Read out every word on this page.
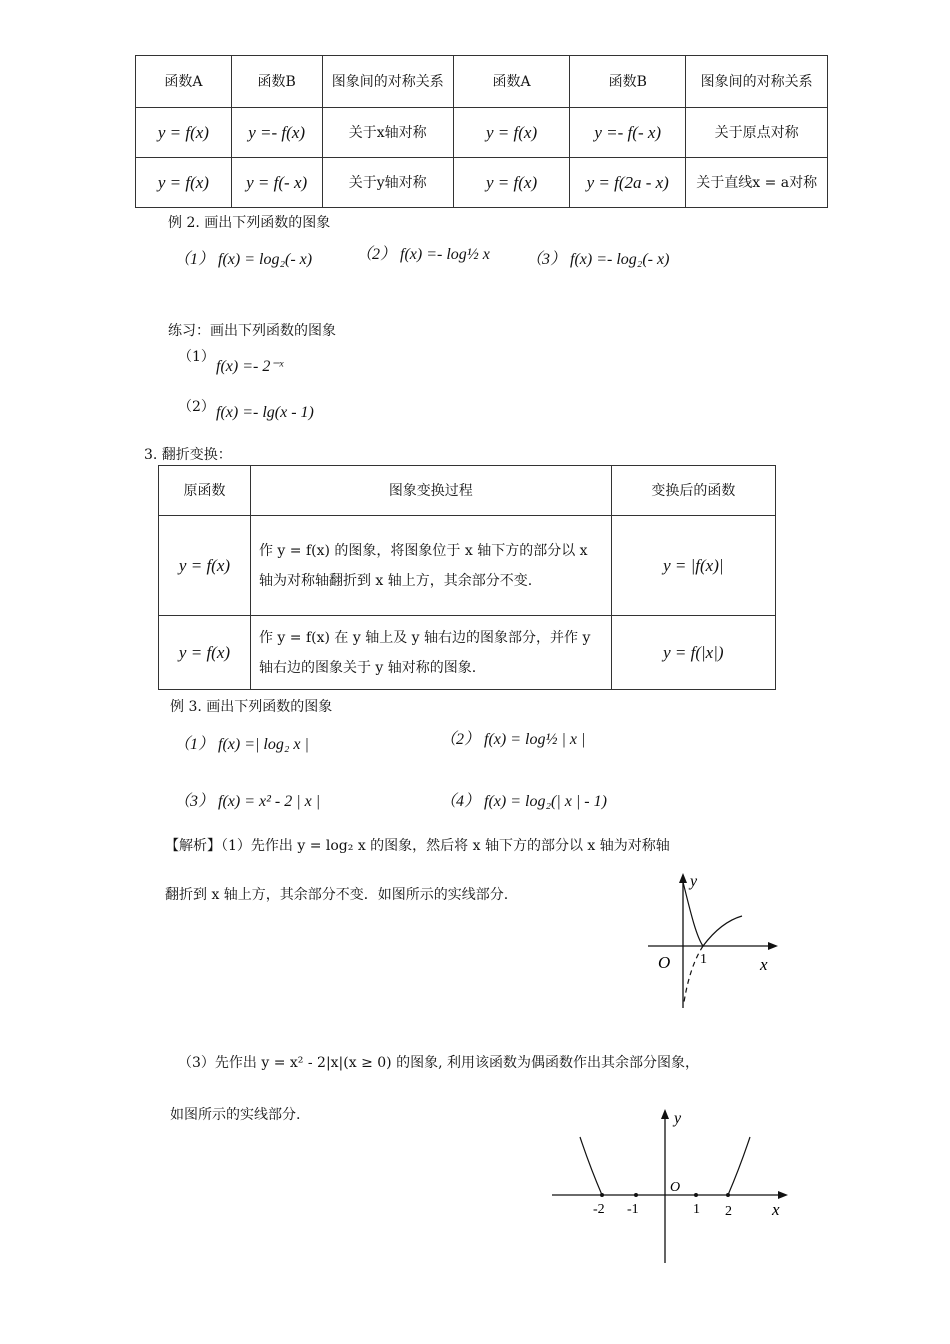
函数A	函数B	图象间的对称关系	函数A	函数B	图象间的对称关系
y = f(x)	y =- f(x)	关于x轴对称	y = f(x)	y =- f(- x)	关于原点对称
y = f(x)	y = f(- x)	关于y轴对称	y = f(x)	y = f(2a - x)	关于直线x = a对称
例 2. 画出下列函数的图象
（1） f(x) = log₂(- x)	（2） f(x) =- log½ x （3） f(x) =- log₂(- x)
练习：画出下列函数的图象
（1）
f(x) =- 2⁻ˣ
（2） f(x) =- lg(x - 1)
3. 翻折变换：
原函数	图象变换过程	变换后的函数
y = f(x)	作 y = f(x) 的图象，将图象位于 x 轴下方的部分以 x 轴为对称轴翻折到 x 轴上方，其余部分不变.	y = |f(x)|
y = f(x)	作 y = f(x) 在 y 轴上及 y 轴右边的图象部分，并作 y 轴右边的图象关于 y 轴对称的图象.	y = f(|x|)
例 3. 画出下列函数的图象
（1） f(x) =| log₂ x |	（2） f(x) = log½ | x |
（3） f(x) = x² - 2 | x |	（4） f(x) = log₂(| x | - 1)
【解析】（1）先作出 y = log₂ x 的图象，然后将 x 轴下方的部分以 x 轴为对称轴
翻折到 x 轴上方，其余部分不变．如图所示的实线部分.
y
O 1	x
（3）先作出 y = x² - 2|x|(x ≥ 0) 的图象, 利用该函数为偶函数作出其余部分图象，
如图所示的实线部分.	y
O
-2 -1	1 2 x
